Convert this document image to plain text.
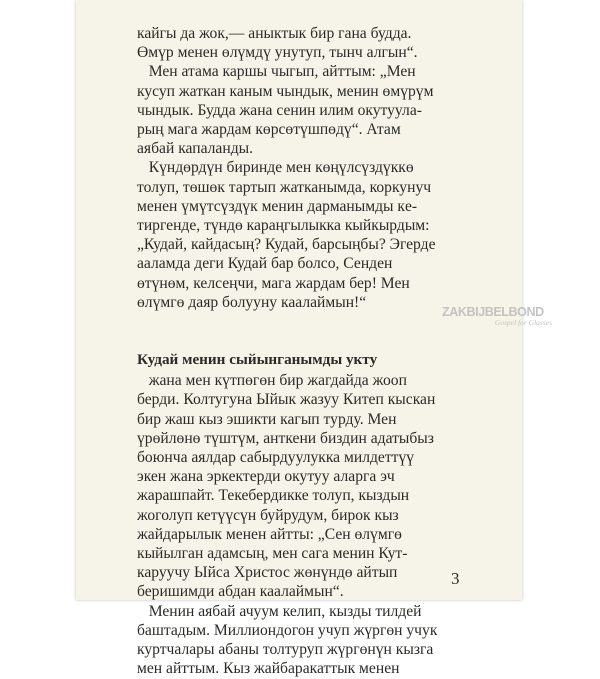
кайгы да жок,— аныктык бир гана будда.
Өмүр менен өлүмдү унутуп, тынч алгын“.
Мен атама каршы чыгып, айттым: „Мен
кусуп жаткан каным чындык, менин өмүрүм
чындык. Будда жана сенин илим окутуула-
рың мага жардам көрсөтүшпөдү“. Атам
аябай капаланды.
Күндөрдүн биринде мен көңүлсүздүккө
толуп, төшөк тартып жатканымда, коркунуч
менен үмүтсүздүк менин дарманымды кe-
тиргенде, түндө караңгылыкка кыйкырдым:
„Кудай, кайдасың? Кудай, барсыңбы? Эгерде
ааламда деги Кудай бар болсо, Сенден
өтүнөм, келсеңчи, мага жардам бер! Мен
өлүмгө даяр болууну каалаймын!“
Кудай менин сыйынганымды укту
жана мен күтпөгөн бир жагдайда жооп
берди. Колтугуна Ыйык жазуу Китеп кыскан
бир жаш кыз эшикти кагып турду. Мен
үрөйлөнө түштүм, анткени биздин адатыбыз
боюнча аялдар сабырдуулукка милдеттүү
экен жана эркектерди окутуу аларга эч
жарашпайт. Текебердикке толуп, кыздын
жоголуп кетүүсүн буйрудум, бирок кыз
жайдарылык менен айтты: „Сен өлүмгө
кыйылган адамсың, мен сага менин Кут-
каруучу Ыйса Христос жөнүндө айтып
беришимди абдан каалаймын“.
Менин аябай ачуум келип, кызды тилдей
баштадым. Миллиондогон учуп жүргөн учук
куртчалары абаны толтуруп жүргөнүн кызга
мен айттым. Кыз жайбаракаттык менен
ZAKBIJBELBOND
Gospel for Glasses
3
